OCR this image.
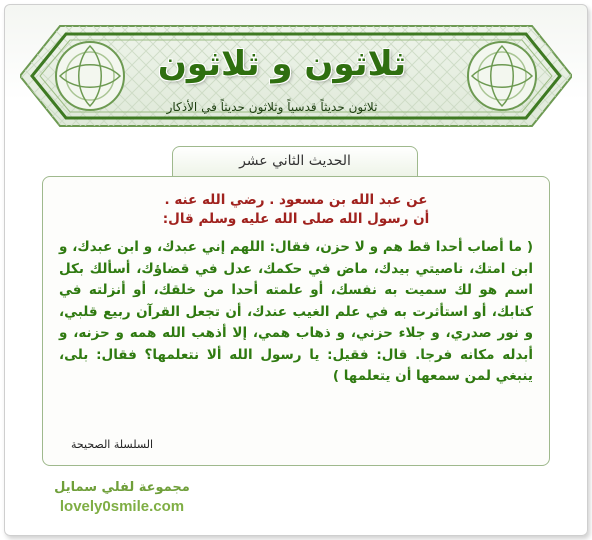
ثلاثون و ثلاثون
ثلاثون حديثاً قدسياً وثلاثون حديثاً في الأذكار
الحديث الثاني عشر
عن عبد الله بن مسعود . رضي الله عنه .
أن رسول الله صلى الله عليه وسلم قال:
( ما أصاب أحدا قط هم و لا حزن، فقال: اللهم إني عبدك، و ابن عبدك، و ابن امتك، ناصيتي بيدك، ماض في حكمك، عدل في قضاؤك، أسألك بكل اسم هو لك سميت به نفسك، أو علمته أحدا من خلقك، أو أنزلته في كتابك، أو استأثرت به في علم الغيب عندك، أن تجعل القرآن ربيع قلبي، و نور صدري، و جلاء حزني، و ذهاب همي، إلا أذهب الله همه و حزنه، و أبدله مكانه فرجا. قال: فقيل: يا رسول الله ألا نتعلمها؟ فقال: بلى، ينبغي لمن سمعها أن يتعلمها )
السلسلة الصحيحة
مجموعة لفلي سمايل
lovely0smile.com
